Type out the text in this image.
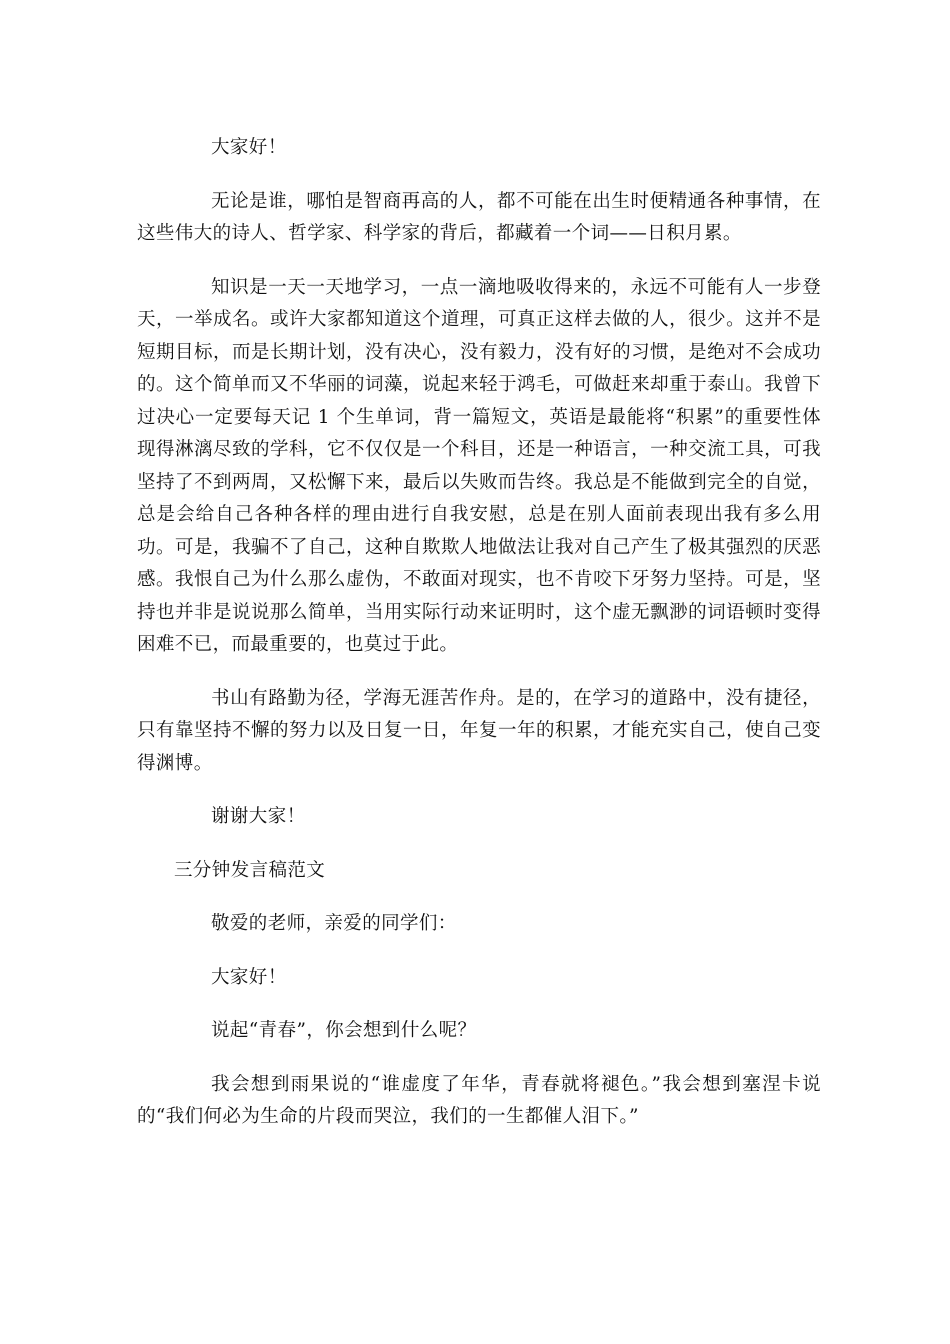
大家好！

无论是谁，哪怕是智商再高的人，都不可能在出生时便精通各种事情，在这些伟大的诗人、哲学家、科学家的背后，都藏着一个词——日积月累。

知识是一天一天地学习，一点一滴地吸收得来的，永远不可能有人一步登天，一举成名。或许大家都知道这个道理，可真正这样去做的人，很少。这并不是短期目标，而是长期计划，没有决心，没有毅力，没有好的习惯，是绝对不会成功的。这个简单而又不华丽的词藻，说起来轻于鸿毛，可做赶来却重于泰山。我曾下过决心一定要每天记 1 个生单词，背一篇短文，英语是最能将“积累”的重要性体现得淋漓尽致的学科，它不仅仅是一个科目，还是一种语言，一种交流工具，可我坚持了不到两周，又松懈下来，最后以失败而告终。我总是不能做到完全的自觉，总是会给自己各种各样的理由进行自我安慰，总是在别人面前表现出我有多么用功。可是，我骗不了自己，这种自欺欺人地做法让我对自己产生了极其强烈的厌恶感。我恨自己为什么那么虚伪，不敢面对现实，也不肯咬下牙努力坚持。可是，坚持也并非是说说那么简单，当用实际行动来证明时，这个虚无飘渺的词语顿时变得困难不已，而最重要的，也莫过于此。

书山有路勤为径，学海无涯苦作舟。是的，在学习的道路中，没有捷径，只有靠坚持不懈的努力以及日复一日，年复一年的积累，才能充实自己，使自己变得渊博。

谢谢大家！

三分钟发言稿范文

敬爱的老师，亲爱的同学们：

大家好！

说起“青春”，你会想到什么呢？

我会想到雨果说的“谁虚度了年华，青春就将褪色。”我会想到塞涅卡说的“我们何必为生命的片段而哭泣，我们的一生都催人泪下。”
